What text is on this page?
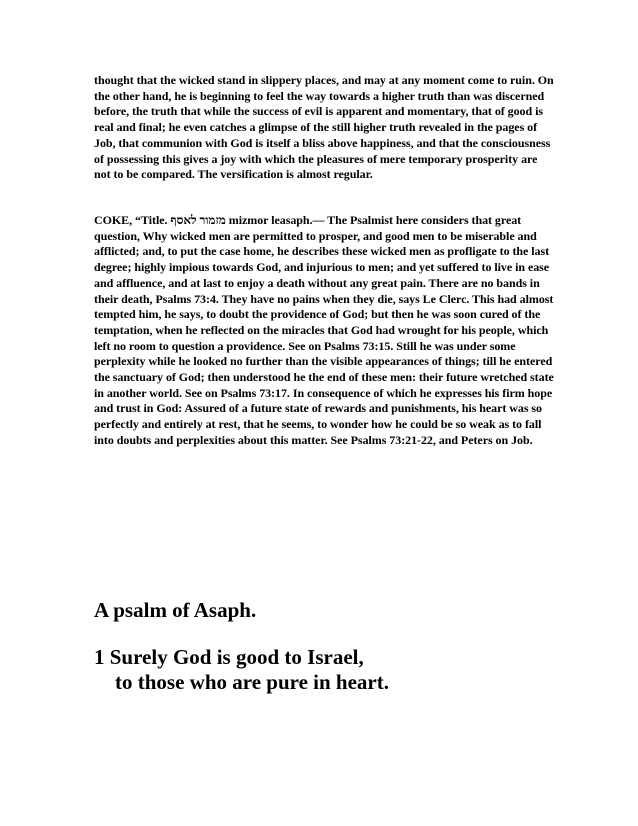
thought that the wicked stand in slippery places, and may at any moment come to ruin. On the other hand, he is beginning to feel the way towards a higher truth than was discerned before, the truth that while the success of evil is apparent and momentary, that of good is real and final; he even catches a glimpse of the still higher truth revealed in the pages of Job, that communion with God is itself a bliss above happiness, and that the consciousness of possessing this gives a joy with which the pleasures of mere temporary prosperity are not to be compared. The versification is almost regular.

COKE, “Title. מזמור לאסף mizmor leasaph.— The Psalmist here considers that great question, Why wicked men are permitted to prosper, and good men to be miserable and afflicted; and, to put the case home, he describes these wicked men as profligate to the last degree; highly impious towards God, and injurious to men; and yet suffered to live in ease and affluence, and at last to enjoy a death without any great pain. There are no bands in their death, Psalms 73:4. They have no pains when they die, says Le Clerc. This had almost tempted him, he says, to doubt the providence of God; but then he was soon cured of the temptation, when he reflected on the miracles that God had wrought for his people, which left no room to question a providence. See on Psalms 73:15. Still he was under some perplexity while he looked no further than the visible appearances of things; till he entered the sanctuary of God; then understood he the end of these men: their future wretched state in another world. See on Psalms 73:17. In consequence of which he expresses his firm hope and trust in God: Assured of a future state of rewards and punishments, his heart was so perfectly and entirely at rest, that he seems, to wonder how he could be so weak as to fall into doubts and perplexities about this matter. See Psalms 73:21-22, and Peters on Job.

A psalm of Asaph.
1 Surely God is good to Israel,
to those who are pure in heart.
